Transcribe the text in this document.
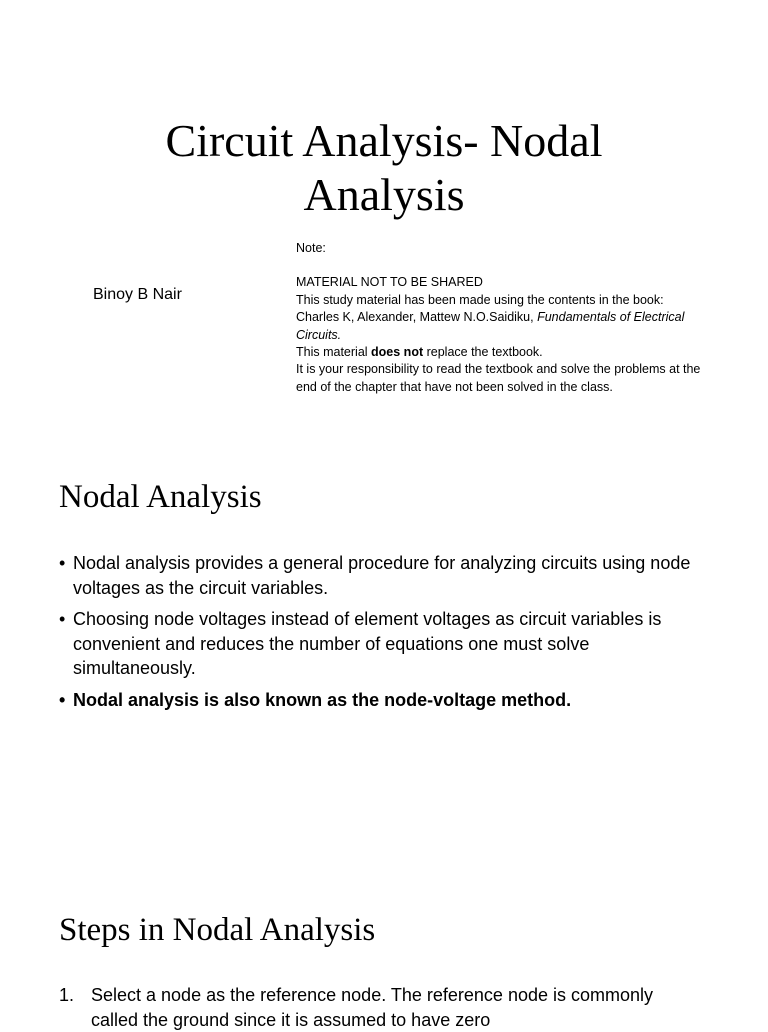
Circuit Analysis- Nodal Analysis
Binoy B Nair

Note:

MATERIAL NOT TO BE SHARED

This study material has been made using the contents in the book:

Charles K, Alexander, Mattew N.O.Saidiku, Fundamentals of Electrical Circuits.

This material does not replace the textbook.

It is your responsibility to read the textbook and solve the problems at the end of the chapter that have not been solved in the class.

Nodal Analysis
• Nodal analysis provides a general procedure for analyzing circuits using node voltages as the circuit variables.
• Choosing node voltages instead of element voltages as circuit variables is convenient and reduces the number of equations one must solve simultaneously.
• Nodal analysis is also known as the node-voltage method.
Steps in Nodal Analysis
1. Select a node as the reference node. The reference node is commonly called the ground since it is assumed to have zero
